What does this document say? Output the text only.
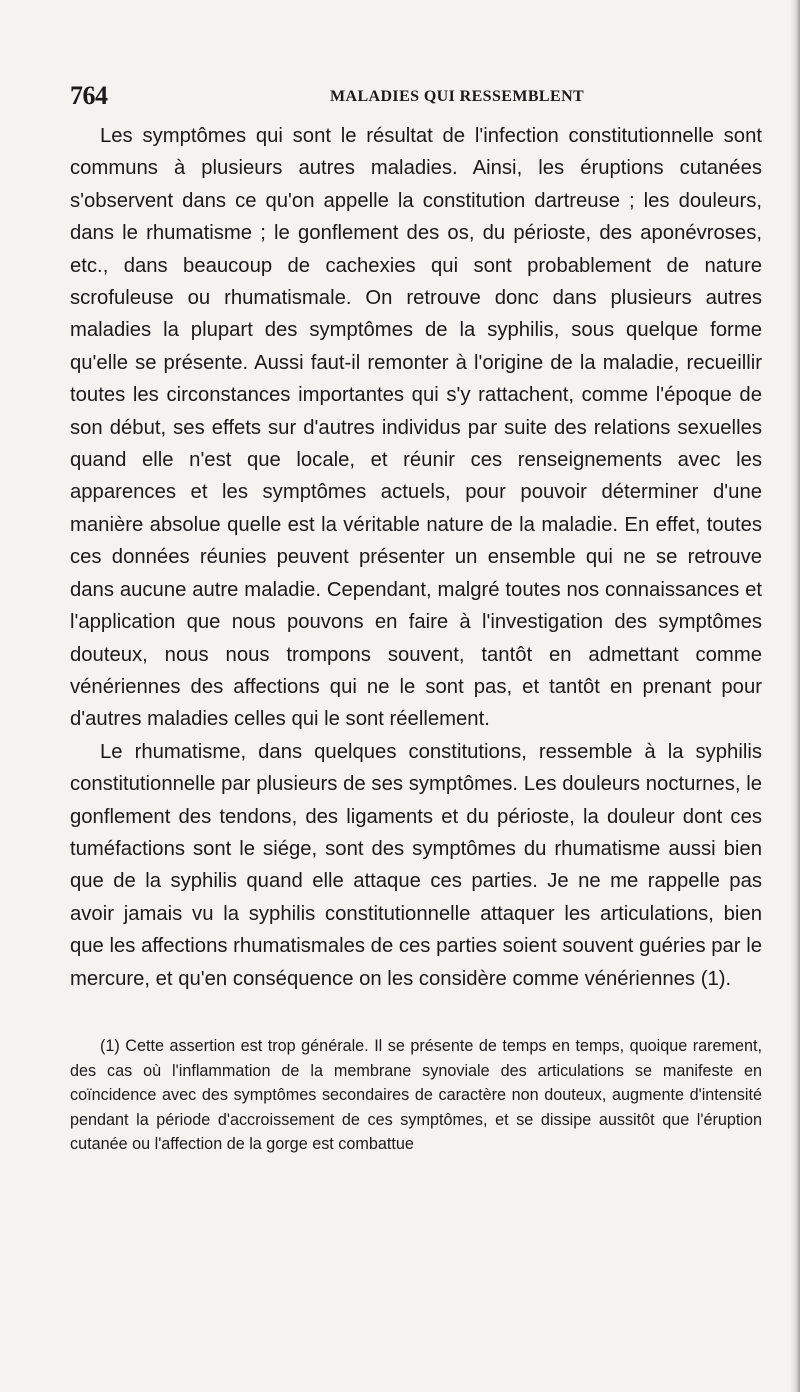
764	MALADIES QUI RESSEMBLENT

Les symptômes qui sont le résultat de l'infection constitutionnelle sont communs à plusieurs autres maladies. Ainsi, les éruptions cutanées s'observent dans ce qu'on appelle la constitution dartreuse ; les douleurs, dans le rhumatisme ; le gonflement des os, du périoste, des aponévroses, etc., dans beaucoup de cachexies qui sont probablement de nature scrofuleuse ou rhumatismale. On retrouve donc dans plusieurs autres maladies la plupart des symptômes de la syphilis, sous quelque forme qu'elle se présente. Aussi faut-il remonter à l'origine de la maladie, recueillir toutes les circonstances importantes qui s'y rattachent, comme l'époque de son début, ses effets sur d'autres individus par suite des relations sexuelles quand elle n'est que locale, et réunir ces renseignements avec les apparences et les symptômes actuels, pour pouvoir déterminer d'une manière absolue quelle est la véritable nature de la maladie. En effet, toutes ces données réunies peuvent présenter un ensemble qui ne se retrouve dans aucune autre maladie. Cependant, malgré toutes nos connaissances et l'application que nous pouvons en faire à l'investigation des symptômes douteux, nous nous trompons souvent, tantôt en admettant comme vénériennes des affections qui ne le sont pas, et tantôt en prenant pour d'autres maladies celles qui le sont réellement.

Le rhumatisme, dans quelques constitutions, ressemble à la syphilis constitutionnelle par plusieurs de ses symptômes. Les douleurs nocturnes, le gonflement des tendons, des ligaments et du périoste, la douleur dont ces tuméfactions sont le siége, sont des symptômes du rhumatisme aussi bien que de la syphilis quand elle attaque ces parties. Je ne me rappelle pas avoir jamais vu la syphilis constitutionnelle attaquer les articulations, bien que les affections rhumatismales de ces parties soient souvent guéries par le mercure, et qu'en conséquence on les considère comme vénériennes (1).

(1) Cette assertion est trop générale. Il se présente de temps en temps, quoique rarement, des cas où l'inflammation de la membrane synoviale des articulations se manifeste en coïncidence avec des symptômes secondaires de caractère non douteux, augmente d'intensité pendant la période d'accroissement de ces symptômes, et se dissipe aussitôt que l'éruption cutanée ou l'affection de la gorge est combattue
